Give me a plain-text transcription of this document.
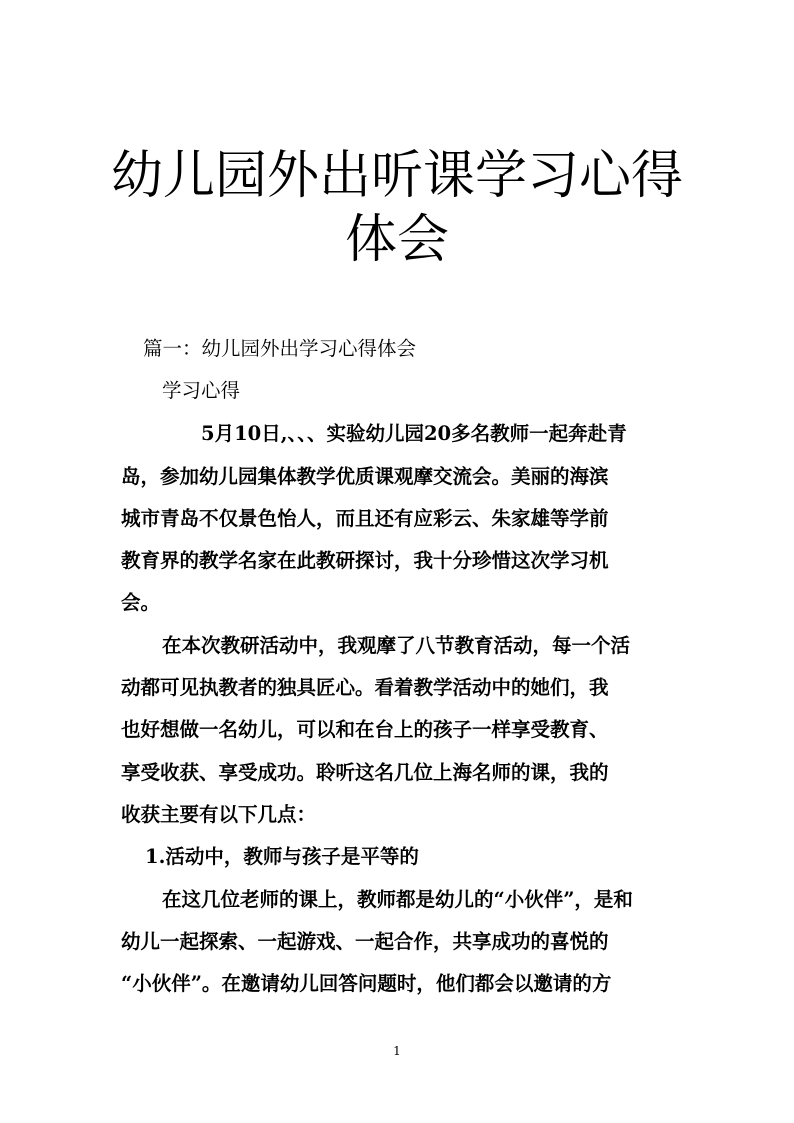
幼儿园外出听课学习心得
体会

篇一：幼儿园外出学习心得体会

学习心得

5月10日,、、、实验幼儿园20多名教师一起奔赴青

岛，参加幼儿园集体教学优质课观摩交流会。美丽的海滨

城市青岛不仅景色怡人，而且还有应彩云、朱家雄等学前

教育界的教学名家在此教研探讨，我十分珍惜这次学习机

会。

在本次教研活动中，我观摩了八节教育活动，每一个活

动都可见执教者的独具匠心。看着教学活动中的她们，我

也好想做一名幼儿，可以和在台上的孩子一样享受教育、

享受收获、享受成功。聆听这名几位上海名师的课，我的

收获主要有以下几点：

1.活动中，教师与孩子是平等的

在这几位老师的课上，教师都是幼儿的“小伙伴”，是和

幼儿一起探索、一起游戏、一起合作，共享成功的喜悦的

“小伙伴”。在邀请幼儿回答问题时，他们都会以邀请的方

1
